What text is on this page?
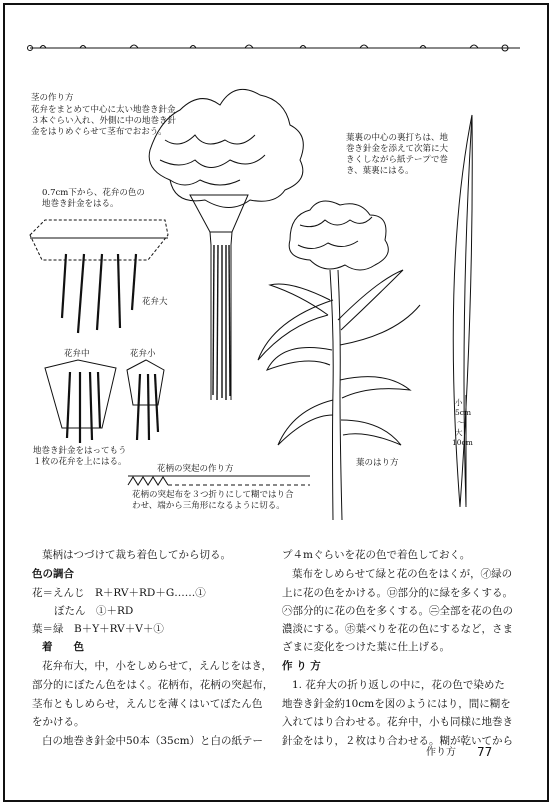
茎の作り方
花弁をまとめて中心に太い地巻き針金
３本ぐらい入れ、外側に中の地巻き針
金をはりめぐらせて茎布でおおう。
0.7cm下から、花弁の色の
地巻き針金をはる。
花弁大
花弁中	花弁小
地巻き針金をはってもう
１枚の花弁を上にはる。
葉裏の中心の裏打ちは、地
巻き針金を添えて次第に大
きくしながら紙テープで巻
き、葉裏にはる。
花柄の突起の作り方
花柄の突起布を３つ折りにして糊ではり合
わせ、端から三角形になるように切る。
葉のはり方
小
5cm
～
大
10cm
葉柄はつづけて裁ち着色してから切る。
色の調合
花＝えんじ　R＋RV＋RD＋G……①
ぼたん　①＋RD
葉＝緑　B＋Y＋RV＋V＋①
着　　色
花弁布大，中，小をしめらせて，えんじをはき，
部分的にぼたん色をはく。花柄布，花柄の突起布，
茎布ともしめらせ，えんじを薄くはいてぼたん色
をかける。
白の地巻き針金中50本（35cm）と白の紙テー
プ４mぐらいを花の色で着色しておく。
葉布をしめらせて緑と花の色をはくが，㋑緑の
上に花の色をかける。㋺部分的に緑を多くする。
㋩部分的に花の色を多くする。㋥全部を花の色の
濃淡にする。㋭葉べりを花の色にするなど，さま
ざまに変化をつけた葉に仕上げる。
作 り 方
1. 花弁大の折り返しの中に，花の色で染めた
地巻き針金約10cmを図のようにはり，間に糊を
入れてはり合わせる。花弁中，小も同様に地巻き
針金をはり，２枚はり合わせる。糊が乾いてから
作り方 77
